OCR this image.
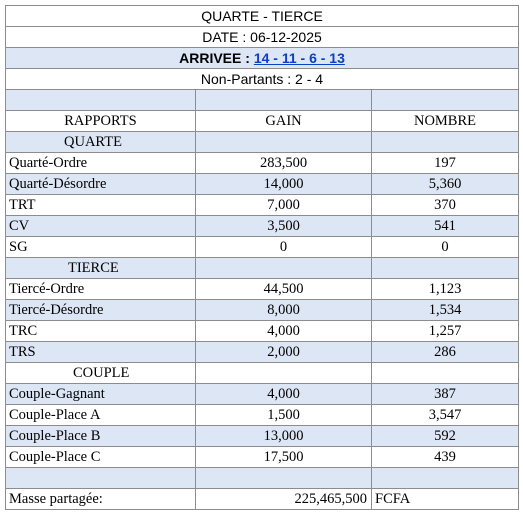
QUARTE - TIERCE		
DATE : 06-12-2025		
ARRIVEE : 14 - 11 - 6 - 13		
Non-Partants : 2 - 4		

RAPPORTS	GAIN	NOMBRE
QUARTE		
Quarté-Ordre	283,500	197
Quarté-Désordre	14,000	5,360
TRT	7,000	370
CV	3,500	541
SG	0	0
TIERCE		
Tiercé-Ordre	44,500	1,123
Tiercé-Désordre	8,000	1,534
TRC	4,000	1,257
TRS	2,000	286
COUPLE		
Couple-Gagnant	4,000	387
Couple-Place A	1,500	3,547
Couple-Place B	13,000	592
Couple-Place C	17,500	439

Masse partagée:	225,465,500	FCFA
